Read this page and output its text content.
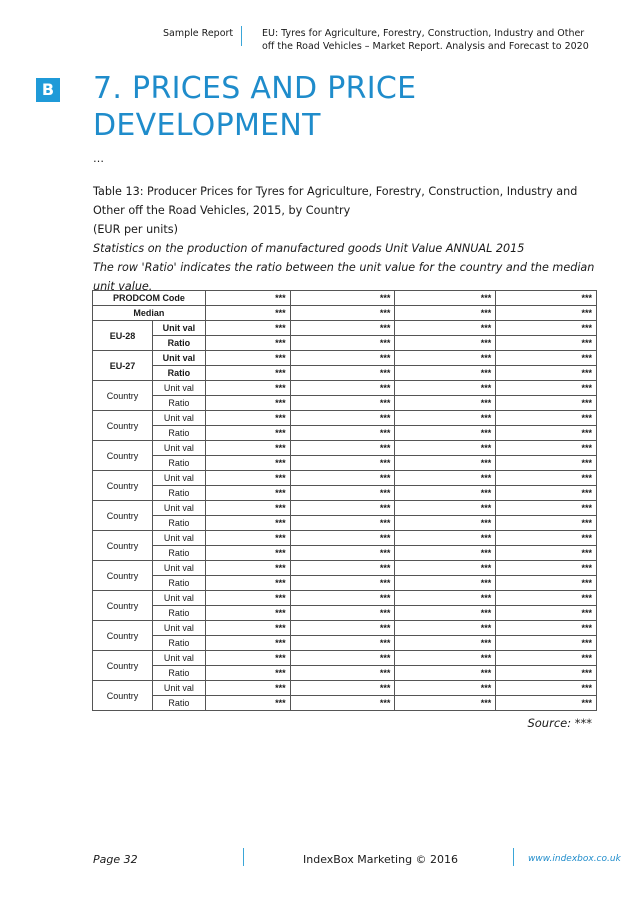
Sample Report	EU: Tyres for Agriculture, Forestry, Construction, Industry and Other
off the Road Vehicles – Market Report. Analysis and Forecast to 2020
B 7. PRICES AND PRICE
DEVELOPMENT
…
Table 13: Producer Prices for Tyres for Agriculture, Forestry, Construction, Industry and
Other off the Road Vehicles, 2015, by Country
(EUR per units)
Statistics on the production of manufactured goods Unit Value ANNUAL 2015
The row 'Ratio' indicates the ratio between the unit value for the country and the median
unit value.
PRODCOM Code		***	***	***	***
Median		***	***	***	***
EU-28	Unit val	***	***	***	***
	Ratio	***	***	***	***
EU-27	Unit val	***	***	***	***
	Ratio	***	***	***	***
Country	Unit val	***	***	***	***
	Ratio	***	***	***	***
Country	Unit val	***	***	***	***
	Ratio	***	***	***	***
Country	Unit val	***	***	***	***
	Ratio	***	***	***	***
Country	Unit val	***	***	***	***
	Ratio	***	***	***	***
Country	Unit val	***	***	***	***
	Ratio	***	***	***	***
Country	Unit val	***	***	***	***
	Ratio	***	***	***	***
Country	Unit val	***	***	***	***
	Ratio	***	***	***	***
Country	Unit val	***	***	***	***
	Ratio	***	***	***	***
Country	Unit val	***	***	***	***
	Ratio	***	***	***	***
Country	Unit val	***	***	***	***
	Ratio	***	***	***	***
Country	Unit val	***	***	***	***
	Ratio	***	***	***	***
Source: ***
Page 32	IndexBox Marketing © 2016	www.indexbox.co.uk
